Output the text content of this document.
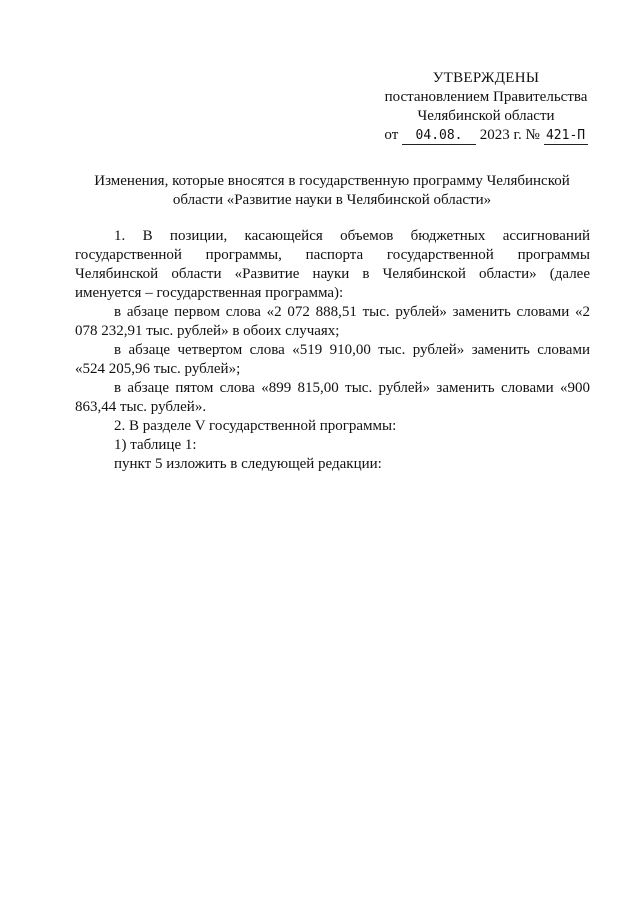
УТВЕРЖДЕНЫ
постановлением Правительства
Челябинской области
от 04.08. 2023 г. № 421-П
Изменения, которые вносятся в государственную программу Челябинской области «Развитие науки в Челябинской области»

1. В позиции, касающейся объемов бюджетных ассигнований государственной программы, паспорта государственной программы Челябинской области «Развитие науки в Челябинской области» (далее именуется – государственная программа):

в абзаце первом слова «2 072 888,51 тыс. рублей» заменить словами «2 078 232,91 тыс. рублей» в обоих случаях;

в абзаце четвертом слова «519 910,00 тыс. рублей» заменить словами «524 205,96 тыс. рублей»;

в абзаце пятом слова «899 815,00 тыс. рублей» заменить словами «900 863,44 тыс. рублей».

2. В разделе V государственной программы:

1) таблице 1:

пункт 5 изложить в следующей редакции:
